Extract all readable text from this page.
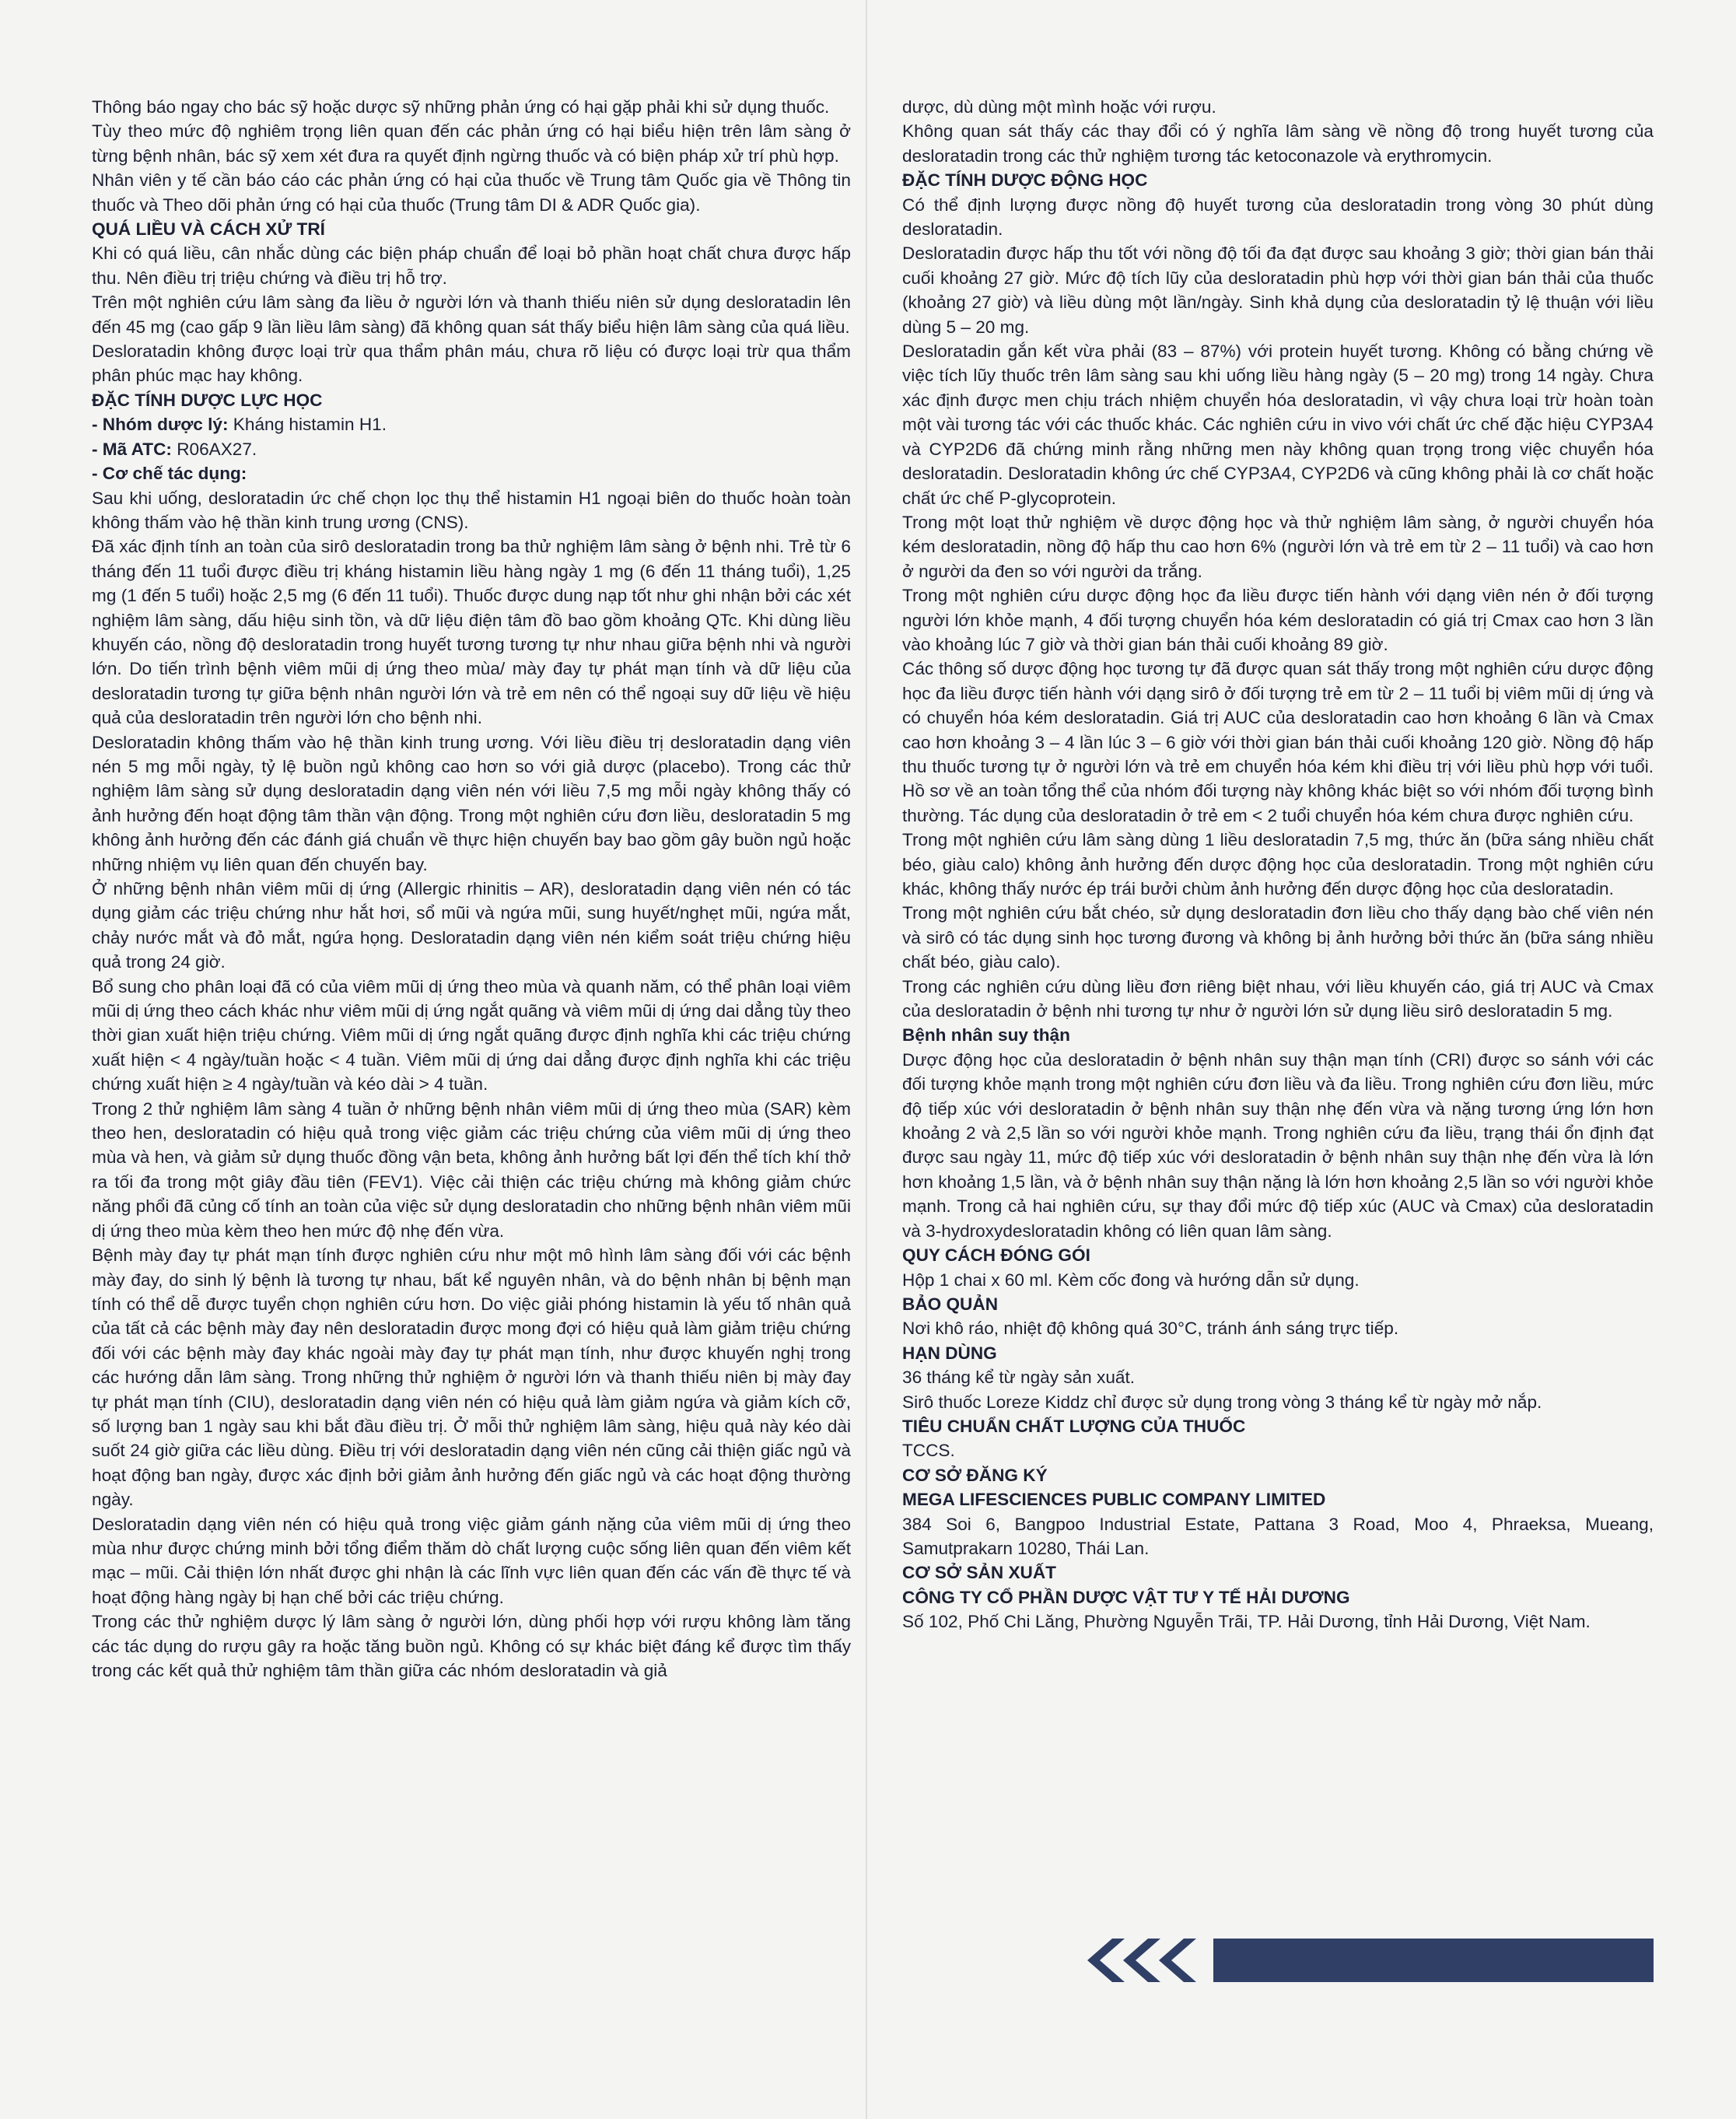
Thông báo ngay cho bác sỹ hoặc dược sỹ những phản ứng có hại gặp phải khi sử dụng thuốc.

Tùy theo mức độ nghiêm trọng liên quan đến các phản ứng có hại biểu hiện trên lâm sàng ở từng bệnh nhân, bác sỹ xem xét đưa ra quyết định ngừng thuốc và có biện pháp xử trí phù hợp.

Nhân viên y tế cần báo cáo các phản ứng có hại của thuốc về Trung tâm Quốc gia về Thông tin thuốc và Theo dõi phản ứng có hại của thuốc (Trung tâm DI & ADR Quốc gia).

QUÁ LIỀU VÀ CÁCH XỬ TRÍ

Khi có quá liều, cân nhắc dùng các biện pháp chuẩn để loại bỏ phần hoạt chất chưa được hấp thu. Nên điều trị triệu chứng và điều trị hỗ trợ.

Trên một nghiên cứu lâm sàng đa liều ở người lớn và thanh thiếu niên sử dụng desloratadin lên đến 45 mg (cao gấp 9 lần liều lâm sàng) đã không quan sát thấy biểu hiện lâm sàng của quá liều.

Desloratadin không được loại trừ qua thẩm phân máu, chưa rõ liệu có được loại trừ qua thẩm phân phúc mạc hay không.

ĐẶC TÍNH DƯỢC LỰC HỌC

- Nhóm dược lý: Kháng histamin H1.

- Mã ATC: R06AX27.

- Cơ chế tác dụng:

Sau khi uống, desloratadin ức chế chọn lọc thụ thể histamin H1 ngoại biên do thuốc hoàn toàn không thấm vào hệ thần kinh trung ương (CNS).

Đã xác định tính an toàn của sirô desloratadin trong ba thử nghiệm lâm sàng ở bệnh nhi. Trẻ từ 6 tháng đến 11 tuổi được điều trị kháng histamin liều hàng ngày 1 mg (6 đến 11 tháng tuổi), 1,25 mg (1 đến 5 tuổi) hoặc 2,5 mg (6 đến 11 tuổi). Thuốc được dung nạp tốt như ghi nhận bởi các xét nghiệm lâm sàng, dấu hiệu sinh tồn, và dữ liệu điện tâm đồ bao gồm khoảng QTc. Khi dùng liều khuyến cáo, nồng độ desloratadin trong huyết tương tương tự như nhau giữa bệnh nhi và người lớn. Do tiến trình bệnh viêm mũi dị ứng theo mùa/ mày đay tự phát mạn tính và dữ liệu của desloratadin tương tự giữa bệnh nhân người lớn và trẻ em nên có thể ngoại suy dữ liệu về hiệu quả của desloratadin trên người lớn cho bệnh nhi.

Desloratadin không thấm vào hệ thần kinh trung ương. Với liều điều trị desloratadin dạng viên nén 5 mg mỗi ngày, tỷ lệ buồn ngủ không cao hơn so với giả dược (placebo). Trong các thử nghiệm lâm sàng sử dụng desloratadin dạng viên nén với liều 7,5 mg mỗi ngày không thấy có ảnh hưởng đến hoạt động tâm thần vận động. Trong một nghiên cứu đơn liều, desloratadin 5 mg không ảnh hưởng đến các đánh giá chuẩn về thực hiện chuyến bay bao gồm gây buồn ngủ hoặc những nhiệm vụ liên quan đến chuyến bay.

Ở những bệnh nhân viêm mũi dị ứng (Allergic rhinitis – AR), desloratadin dạng viên nén có tác dụng giảm các triệu chứng như hắt hơi, sổ mũi và ngứa mũi, sung huyết/nghẹt mũi, ngứa mắt, chảy nước mắt và đỏ mắt, ngứa họng. Desloratadin dạng viên nén kiểm soát triệu chứng hiệu quả trong 24 giờ.

Bổ sung cho phân loại đã có của viêm mũi dị ứng theo mùa và quanh năm, có thể phân loại viêm mũi dị ứng theo cách khác như viêm mũi dị ứng ngắt quãng và viêm mũi dị ứng dai dẳng tùy theo thời gian xuất hiện triệu chứng. Viêm mũi dị ứng ngắt quãng được định nghĩa khi các triệu chứng xuất hiện < 4 ngày/tuần hoặc < 4 tuần. Viêm mũi dị ứng dai dẳng được định nghĩa khi các triệu chứng xuất hiện ≥ 4 ngày/tuần và kéo dài > 4 tuần.

Trong 2 thử nghiệm lâm sàng 4 tuần ở những bệnh nhân viêm mũi dị ứng theo mùa (SAR) kèm theo hen, desloratadin có hiệu quả trong việc giảm các triệu chứng của viêm mũi dị ứng theo mùa và hen, và giảm sử dụng thuốc đồng vận beta, không ảnh hưởng bất lợi đến thể tích khí thở ra tối đa trong một giây đầu tiên (FEV1). Việc cải thiện các triệu chứng mà không giảm chức năng phổi đã củng cố tính an toàn của việc sử dụng desloratadin cho những bệnh nhân viêm mũi dị ứng theo mùa kèm theo hen mức độ nhẹ đến vừa.

Bệnh mày đay tự phát mạn tính được nghiên cứu như một mô hình lâm sàng đối với các bệnh mày đay, do sinh lý bệnh là tương tự nhau, bất kể nguyên nhân, và do bệnh nhân bị bệnh mạn tính có thể dễ được tuyển chọn nghiên cứu hơn. Do việc giải phóng histamin là yếu tố nhân quả của tất cả các bệnh mày đay nên desloratadin được mong đợi có hiệu quả làm giảm triệu chứng đối với các bệnh mày đay khác ngoài mày đay tự phát mạn tính, như được khuyến nghị trong các hướng dẫn lâm sàng. Trong những thử nghiệm ở người lớn và thanh thiếu niên bị mày đay tự phát mạn tính (CIU), desloratadin dạng viên nén có hiệu quả làm giảm ngứa và giảm kích cỡ, số lượng ban 1 ngày sau khi bắt đầu điều trị. Ở mỗi thử nghiệm lâm sàng, hiệu quả này kéo dài suốt 24 giờ giữa các liều dùng. Điều trị với desloratadin dạng viên nén cũng cải thiện giấc ngủ và hoạt động ban ngày, được xác định bởi giảm ảnh hưởng đến giấc ngủ và các hoạt động thường ngày.

Desloratadin dạng viên nén có hiệu quả trong việc giảm gánh nặng của viêm mũi dị ứng theo mùa như được chứng minh bởi tổng điểm thăm dò chất lượng cuộc sống liên quan đến viêm kết mạc – mũi. Cải thiện lớn nhất được ghi nhận là các lĩnh vực liên quan đến các vấn đề thực tế và hoạt động hàng ngày bị hạn chế bởi các triệu chứng.

Trong các thử nghiệm dược lý lâm sàng ở người lớn, dùng phối hợp với rượu không làm tăng các tác dụng do rượu gây ra hoặc tăng buồn ngủ. Không có sự khác biệt đáng kể được tìm thấy trong các kết quả thử nghiệm tâm thần giữa các nhóm desloratadin và giả

dược, dù dùng một mình hoặc với rượu.

Không quan sát thấy các thay đổi có ý nghĩa lâm sàng về nồng độ trong huyết tương của desloratadin trong các thử nghiệm tương tác ketoconazole và erythromycin.

ĐẶC TÍNH DƯỢC ĐỘNG HỌC

Có thể định lượng được nồng độ huyết tương của desloratadin trong vòng 30 phút dùng desloratadin.

Desloratadin được hấp thu tốt với nồng độ tối đa đạt được sau khoảng 3 giờ; thời gian bán thải cuối khoảng 27 giờ. Mức độ tích lũy của desloratadin phù hợp với thời gian bán thải của thuốc (khoảng 27 giờ) và liều dùng một lần/ngày. Sinh khả dụng của desloratadin tỷ lệ thuận với liều dùng 5 – 20 mg.

Desloratadin gắn kết vừa phải (83 – 87%) với protein huyết tương. Không có bằng chứng về việc tích lũy thuốc trên lâm sàng sau khi uống liều hàng ngày (5 – 20 mg) trong 14 ngày. Chưa xác định được men chịu trách nhiệm chuyển hóa desloratadin, vì vậy chưa loại trừ hoàn toàn một vài tương tác với các thuốc khác. Các nghiên cứu in vivo với chất ức chế đặc hiệu CYP3A4 và CYP2D6 đã chứng minh rằng những men này không quan trọng trong việc chuyển hóa desloratadin. Desloratadin không ức chế CYP3A4, CYP2D6 và cũng không phải là cơ chất hoặc chất ức chế P-glycoprotein.

Trong một loạt thử nghiệm về dược động học và thử nghiệm lâm sàng, ở người chuyển hóa kém desloratadin, nồng độ hấp thu cao hơn 6% (người lớn và trẻ em từ 2 – 11 tuổi) và cao hơn ở người da đen so với người da trắng.

Trong một nghiên cứu dược động học đa liều được tiến hành với dạng viên nén ở đối tượng người lớn khỏe mạnh, 4 đối tượng chuyển hóa kém desloratadin có giá trị Cmax cao hơn 3 lần vào khoảng lúc 7 giờ và thời gian bán thải cuối khoảng 89 giờ.

Các thông số dược động học tương tự đã được quan sát thấy trong một nghiên cứu dược động học đa liều được tiến hành với dạng sirô ở đối tượng trẻ em từ 2 – 11 tuổi bị viêm mũi dị ứng và có chuyển hóa kém desloratadin. Giá trị AUC của desloratadin cao hơn khoảng 6 lần và Cmax cao hơn khoảng 3 – 4 lần lúc 3 – 6 giờ với thời gian bán thải cuối khoảng 120 giờ. Nồng độ hấp thu thuốc tương tự ở người lớn và trẻ em chuyển hóa kém khi điều trị với liều phù hợp với tuổi. Hồ sơ về an toàn tổng thể của nhóm đối tượng này không khác biệt so với nhóm đối tượng bình thường. Tác dụng của desloratadin ở trẻ em < 2 tuổi chuyển hóa kém chưa được nghiên cứu.

Trong một nghiên cứu lâm sàng dùng 1 liều desloratadin 7,5 mg, thức ăn (bữa sáng nhiều chất béo, giàu calo) không ảnh hưởng đến dược động học của desloratadin. Trong một nghiên cứu khác, không thấy nước ép trái bưởi chùm ảnh hưởng đến dược động học của desloratadin.

Trong một nghiên cứu bắt chéo, sử dụng desloratadin đơn liều cho thấy dạng bào chế viên nén và sirô có tác dụng sinh học tương đương và không bị ảnh hưởng bởi thức ăn (bữa sáng nhiều chất béo, giàu calo).

Trong các nghiên cứu dùng liều đơn riêng biệt nhau, với liều khuyến cáo, giá trị AUC và Cmax của desloratadin ở bệnh nhi tương tự như ở người lớn sử dụng liều sirô desloratadin 5 mg.

Bệnh nhân suy thận

Dược động học của desloratadin ở bệnh nhân suy thận mạn tính (CRI) được so sánh với các đối tượng khỏe mạnh trong một nghiên cứu đơn liều và đa liều. Trong nghiên cứu đơn liều, mức độ tiếp xúc với desloratadin ở bệnh nhân suy thận nhẹ đến vừa và nặng tương ứng lớn hơn khoảng 2 và 2,5 lần so với người khỏe mạnh. Trong nghiên cứu đa liều, trạng thái ổn định đạt được sau ngày 11, mức độ tiếp xúc với desloratadin ở bệnh nhân suy thận nhẹ đến vừa là lớn hơn khoảng 1,5 lần, và ở bệnh nhân suy thận nặng là lớn hơn khoảng 2,5 lần so với người khỏe mạnh. Trong cả hai nghiên cứu, sự thay đổi mức độ tiếp xúc (AUC và Cmax) của desloratadin và 3-hydroxydesloratadin không có liên quan lâm sàng.

QUY CÁCH ĐÓNG GÓI

Hộp 1 chai x 60 ml. Kèm cốc đong và hướng dẫn sử dụng.

BẢO QUẢN

Nơi khô ráo, nhiệt độ không quá 30°C, tránh ánh sáng trực tiếp.

HẠN DÙNG

36 tháng kể từ ngày sản xuất.

Sirô thuốc Loreze Kiddz chỉ được sử dụng trong vòng 3 tháng kể từ ngày mở nắp.

TIÊU CHUẨN CHẤT LƯỢNG CỦA THUỐC

TCCS.

CƠ SỞ ĐĂNG KÝ

MEGA LIFESCIENCES PUBLIC COMPANY LIMITED

384 Soi 6, Bangpoo Industrial Estate, Pattana 3 Road, Moo 4, Phraeksa, Mueang, Samutprakarn 10280, Thái Lan.

CƠ SỞ SẢN XUẤT

CÔNG TY CỔ PHẦN DƯỢC VẬT TƯ Y TẾ HẢI DƯƠNG

Số 102, Phố Chi Lăng, Phường Nguyễn Trãi, TP. Hải Dương, tỉnh Hải Dương, Việt Nam.
